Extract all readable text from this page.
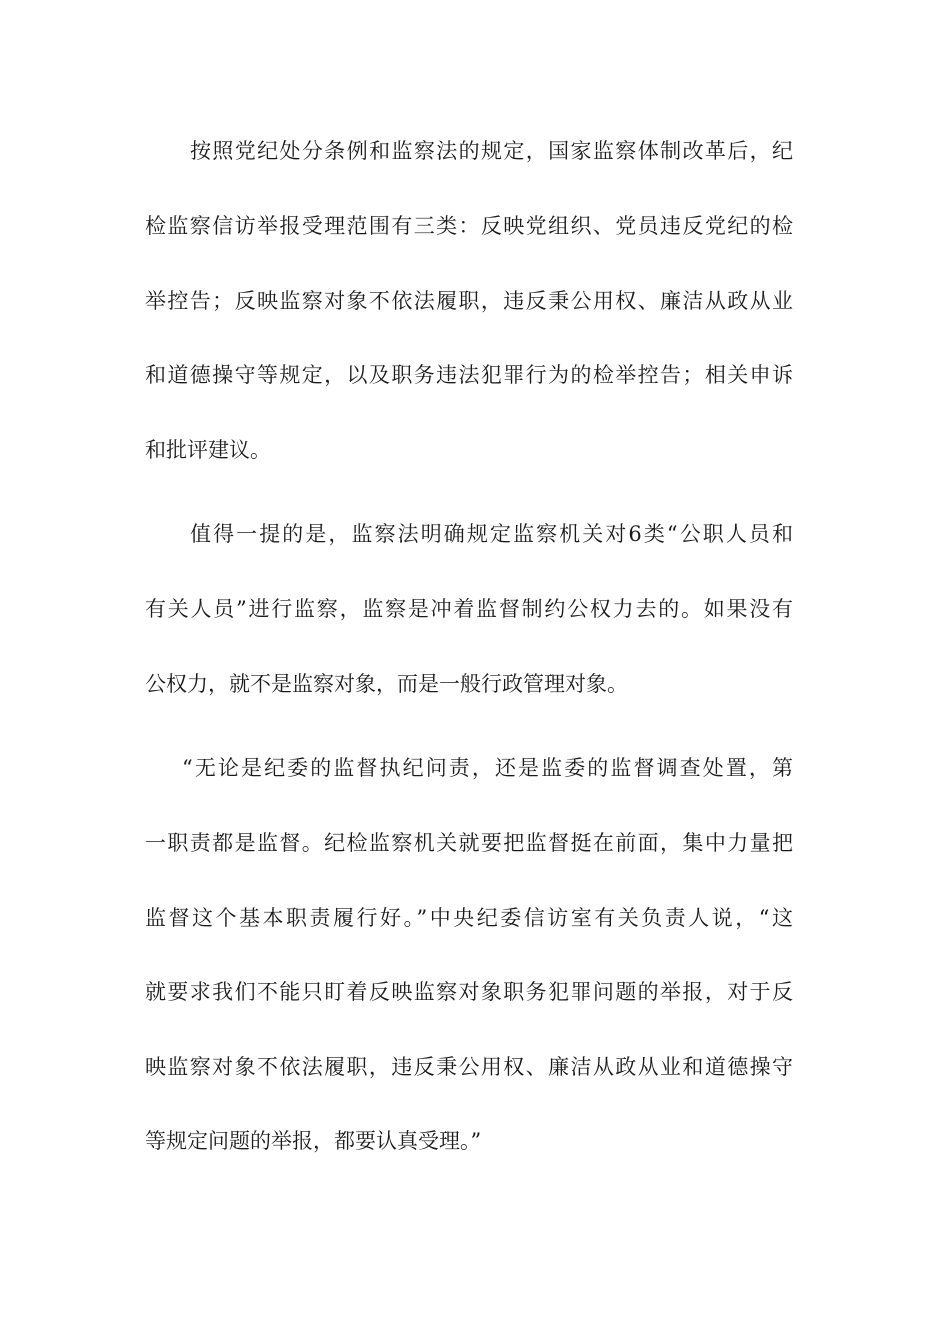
按照党纪处分条例和监察法的规定，国家监察体制改革后，纪
检监察信访举报受理范围有三类：反映党组织、党员违反党纪的检
举控告；反映监察对象不依法履职，违反秉公用权、廉洁从政从业
和道德操守等规定，以及职务违法犯罪行为的检举控告；相关申诉
和批评建议。
值得一提的是，监察法明确规定监察机关对6类“公职人员和
有关人员”进行监察，监察是冲着监督制约公权力去的。如果没有
公权力，就不是监察对象，而是一般行政管理对象。
“无论是纪委的监督执纪问责，还是监委的监督调查处置，第
一职责都是监督。纪检监察机关就要把监督挺在前面，集中力量把
监督这个基本职责履行好。”中央纪委信访室有关负责人说，“这
就要求我们不能只盯着反映监察对象职务犯罪问题的举报，对于反
映监察对象不依法履职，违反秉公用权、廉洁从政从业和道德操守
等规定问题的举报，都要认真受理。”
